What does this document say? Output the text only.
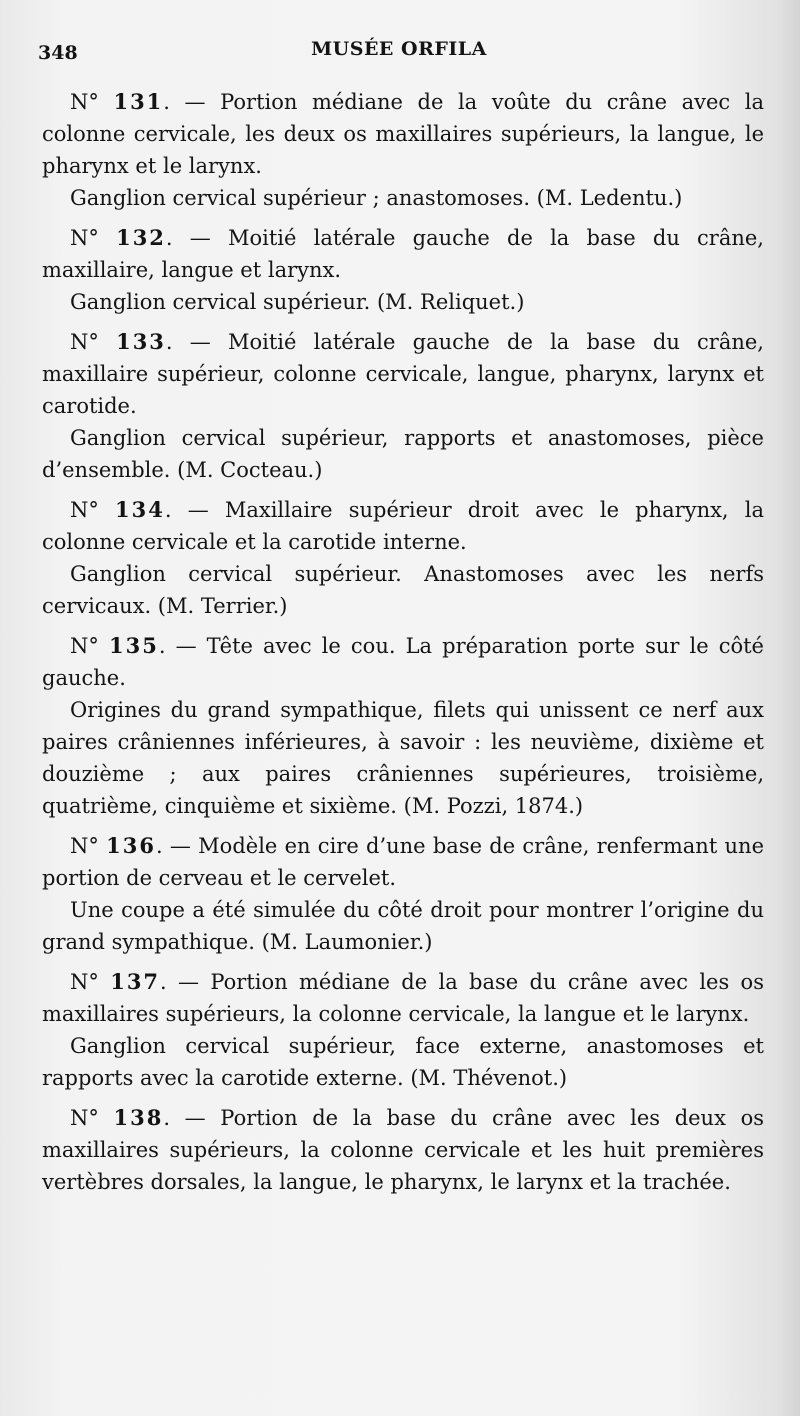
348	MUSÉE ORFILA

N° 131. — Portion médiane de la voûte du crâne avec la colonne cervicale, les deux os maxillaires supérieurs, la langue, le pharynx et le larynx.

Ganglion cervical supérieur ; anastomoses. (M. Ledentu.)

N° 132. — Moitié latérale gauche de la base du crâne, maxillaire, langue et larynx.

Ganglion cervical supérieur. (M. Reliquet.)

N° 133. — Moitié latérale gauche de la base du crâne, maxillaire supérieur, colonne cervicale, langue, pharynx, larynx et carotide.

Ganglion cervical supérieur, rapports et anastomoses, pièce d’ensemble. (M. Cocteau.)

N° 134. — Maxillaire supérieur droit avec le pharynx, la colonne cervicale et la carotide interne.

Ganglion cervical supérieur. Anastomoses avec les nerfs cervicaux. (M. Terrier.)

N° 135. — Tête avec le cou. La préparation porte sur le côté gauche.

Origines du grand sympathique, filets qui unissent ce nerf aux paires crâniennes inférieures, à savoir : les neuvième, dixième et douzième ; aux paires crâniennes supérieures, troisième, quatrième, cinquième et sixième. (M. Pozzi, 1874.)

N° 136. — Modèle en cire d’une base de crâne, renfermant une portion de cerveau et le cervelet.

Une coupe a été simulée du côté droit pour montrer l’origine du grand sympathique. (M. Laumonier.)

N° 137. — Portion médiane de la base du crâne avec les os maxillaires supérieurs, la colonne cervicale, la langue et le larynx.

Ganglion cervical supérieur, face externe, anastomoses et rapports avec la carotide externe. (M. Thévenot.)

N° 138. — Portion de la base du crâne avec les deux os maxillaires supérieurs, la colonne cervicale et les huit premières vertèbres dorsales, la langue, le pharynx, le larynx et la trachée.
